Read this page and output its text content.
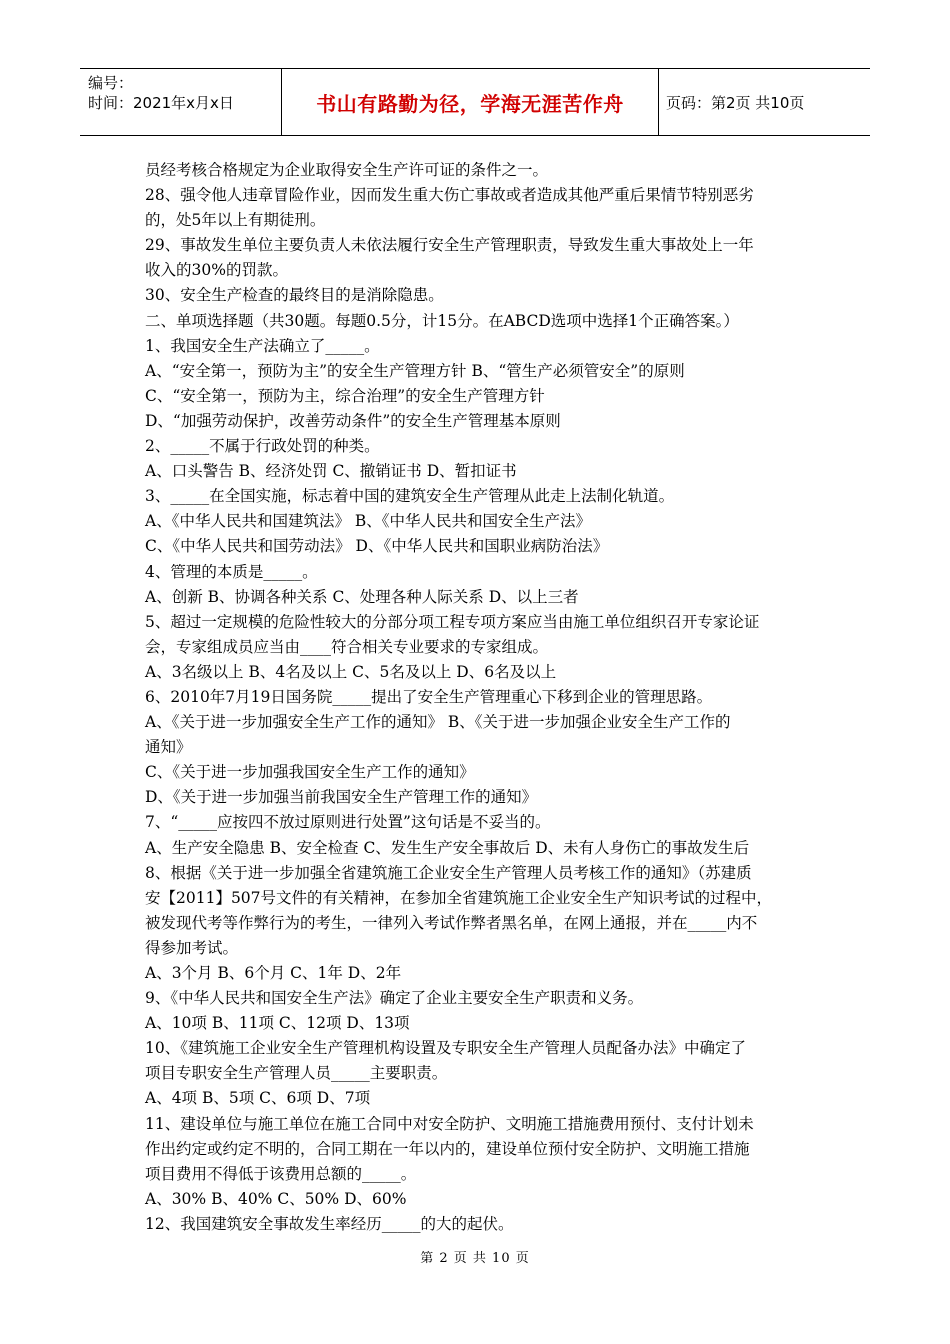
编号：
时间：2021年x月x日	书山有路勤为径，学海无涯苦作舟	页码：第2页 共10页
员经考核合格规定为企业取得安全生产许可证的条件之一。
28、强令他人违章冒险作业，因而发生重大伤亡事故或者造成其他严重后果情节特别恶劣
的，处5年以上有期徒刑。
29、事故发生单位主要负责人未依法履行安全生产管理职责，导致发生重大事故处上一年
收入的30%的罚款。
30、安全生产检查的最终目的是消除隐患。
二、单项选择题（共30题。每题0.5分，计15分。在ABCD选项中选择1个正确答案。）
1、我国安全生产法确立了_____。
A、“安全第一，预防为主”的安全生产管理方针 B、“管生产必须管安全”的原则
C、“安全第一，预防为主，综合治理”的安全生产管理方针
D、“加强劳动保护，改善劳动条件”的安全生产管理基本原则
2、_____不属于行政处罚的种类。
A、口头警告 B、经济处罚 C、撤销证书 D、暂扣证书
3、_____在全国实施，标志着中国的建筑安全生产管理从此走上法制化轨道。
A、《中华人民共和国建筑法》 B、《中华人民共和国安全生产法》
C、《中华人民共和国劳动法》 D、《中华人民共和国职业病防治法》
4、管理的本质是_____。
A、创新 B、协调各种关系 C、处理各种人际关系 D、以上三者
5、超过一定规模的危险性较大的分部分项工程专项方案应当由施工单位组织召开专家论证
会，专家组成员应当由____符合相关专业要求的专家组成。
A、3名级以上 B、4名及以上 C、5名及以上 D、6名及以上
6、2010年7月19日国务院_____提出了安全生产管理重心下移到企业的管理思路。
A、《关于进一步加强安全生产工作的通知》 B、《关于进一步加强企业安全生产工作的
通知》
C、《关于进一步加强我国安全生产工作的通知》
D、《关于进一步加强当前我国安全生产管理工作的通知》
7、“_____应按四不放过原则进行处置”这句话是不妥当的。
A、生产安全隐患 B、安全检查 C、发生生产安全事故后 D、未有人身伤亡的事故发生后
8、根据《关于进一步加强全省建筑施工企业安全生产管理人员考核工作的通知》（苏建质
安【2011】507号文件的有关精神，在参加全省建筑施工企业安全生产知识考试的过程中，
被发现代考等作弊行为的考生，一律列入考试作弊者黑名单，在网上通报，并在_____内不
得参加考试。
A、3个月 B、6个月 C、1年 D、2年
9、《中华人民共和国安全生产法》确定了企业主要安全生产职责和义务。
A、10项 B、11项 C、12项 D、13项
10、《建筑施工企业安全生产管理机构设置及专职安全生产管理人员配备办法》中确定了
项目专职安全生产管理人员_____主要职责。
A、4项 B、5项 C、6项 D、7项
11、建设单位与施工单位在施工合同中对安全防护、文明施工措施费用预付、支付计划未
作出约定或约定不明的，合同工期在一年以内的，建设单位预付安全防护、文明施工措施
项目费用不得低于该费用总额的_____。
A、30% B、40% C、50% D、60%
12、我国建筑安全事故发生率经历_____的大的起伏。
第 2 页 共 10 页
